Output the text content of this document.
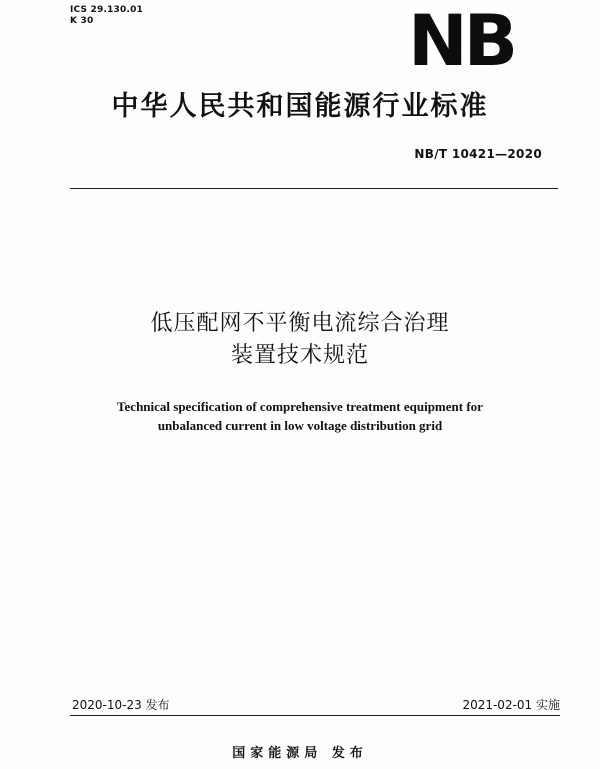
ICS 29.130.01
K 30	NB
中华人民共和国能源行业标准
NB/T 10421—2020
低压配网不平衡电流综合治理
装置技术规范
Technical specification of comprehensive treatment equipment for
unbalanced current in low voltage distribution grid
2020-10-23 发布	2021-02-01 实施
国家能源局 发布
